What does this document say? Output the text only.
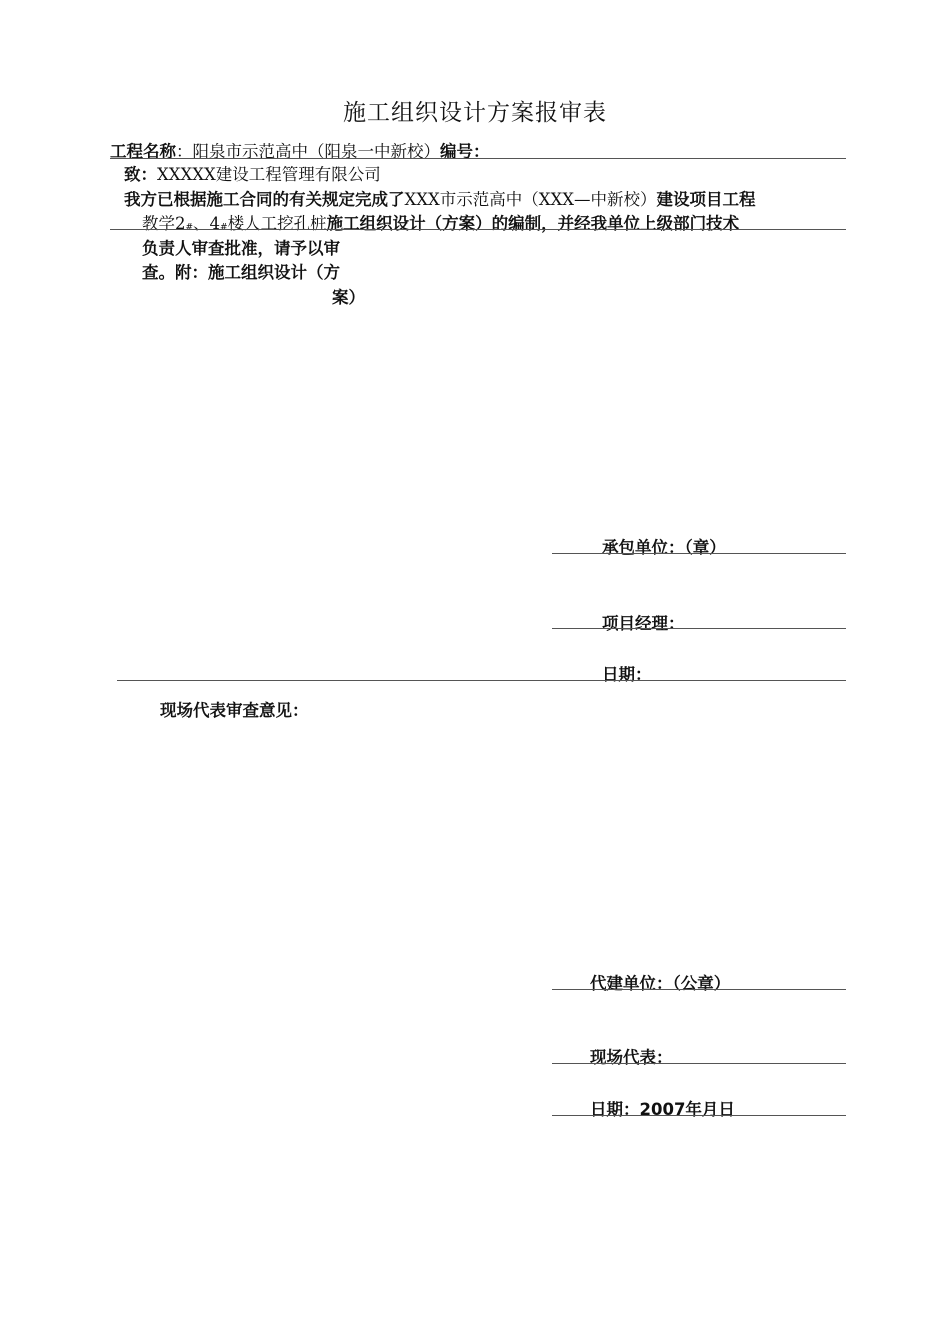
施工组织设计方案报审表
工程名称：阳泉市示范高中（阳泉一中新校）编号：
致：XXXXX建设工程管理有限公司
我方已根据施工合同的有关规定完成了XXX市示范高中（XXX—中新校）建设项目工程
教学$2_{\#}$、$4_{\#}$楼人工挖孔桩施工组织设计（方案）的编制，并经我单位上级部门技术
负责人审查批准，请予以审
查。附：施工组织设计（方
案）
承包单位：（章）
项目经理：
日期：
现场代表审查意见：
代建单位：（公章）
现场代表：
日期：2007年月日
